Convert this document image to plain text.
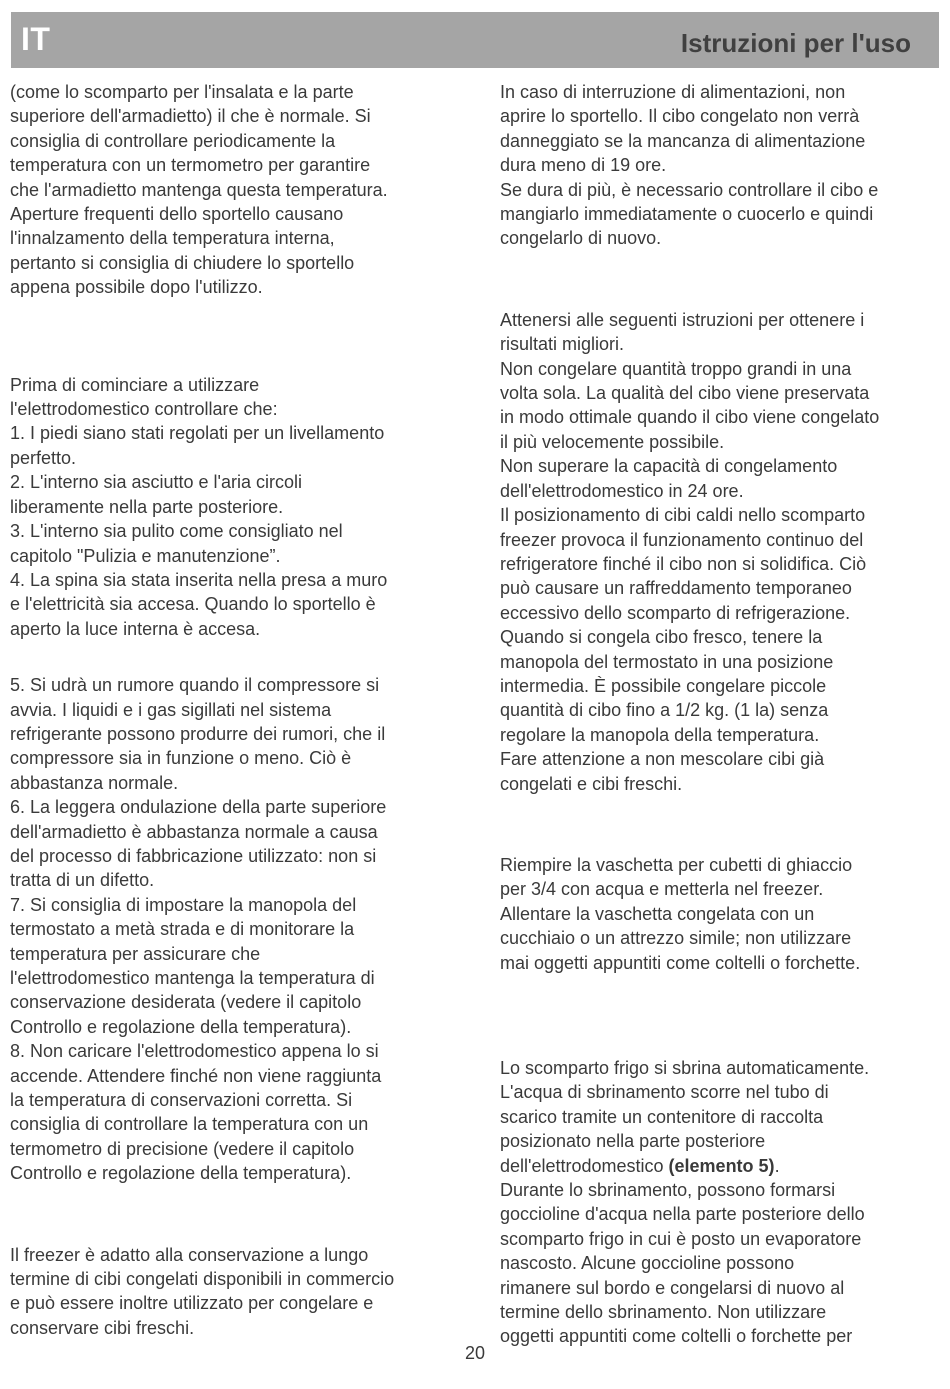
IT	Istruzioni per l'uso

(come lo scomparto per l'insalata e la parte
superiore dell'armadietto) il che è normale. Si
consiglia di controllare periodicamente la
temperatura con un termometro per garantire
che l'armadietto mantenga questa temperatura.
Aperture frequenti dello sportello causano
l'innalzamento della temperatura interna,
pertanto si consiglia di chiudere lo sportello
appena possibile dopo l'utilizzo.

Prima di cominciare a utilizzare
l'elettrodomestico controllare che:
1. I piedi siano stati regolati per un livellamento
perfetto.
2. L'interno sia asciutto e l'aria circoli
liberamente nella parte posteriore.
3. L'interno sia pulito come consigliato nel
capitolo "Pulizia e manutenzione”.
4. La spina sia stata inserita nella presa a muro
e l'elettricità sia accesa. Quando lo sportello è
aperto la luce interna è accesa.

5. Si udrà un rumore quando il compressore si
avvia. I liquidi e i gas sigillati nel sistema
refrigerante possono produrre dei rumori, che il
compressore sia in funzione o meno. Ciò è
abbastanza normale.
6. La leggera ondulazione della parte superiore
dell'armadietto è abbastanza normale a causa
del processo di fabbricazione utilizzato: non si
tratta di un difetto.
7. Si consiglia di impostare la manopola del
termostato a metà strada e di monitorare la
temperatura per assicurare che
l'elettrodomestico mantenga la temperatura di
conservazione desiderata (vedere il capitolo
Controllo e regolazione della temperatura).
8. Non caricare l'elettrodomestico appena lo si
accende. Attendere finché non viene raggiunta
la temperatura di conservazioni corretta. Si
consiglia di controllare la temperatura con un
termometro di precisione (vedere il capitolo
Controllo e regolazione della temperatura).

Il freezer è adatto alla conservazione a lungo
termine di cibi congelati disponibili in commercio
e può essere inoltre utilizzato per congelare e
conservare cibi freschi.

In caso di interruzione di alimentazioni, non
aprire lo sportello. Il cibo congelato non verrà
danneggiato se la mancanza di alimentazione
dura meno di 19 ore.
Se dura di più, è necessario controllare il cibo e
mangiarlo immediatamente o cuocerlo e quindi
congelarlo di nuovo.

Attenersi alle seguenti istruzioni per ottenere i
risultati migliori.
Non congelare quantità troppo grandi in una
volta sola. La qualità del cibo viene preservata
in modo ottimale quando il cibo viene congelato
il più velocemente possibile.
Non superare la capacità di congelamento
dell'elettrodomestico in 24 ore.
Il posizionamento di cibi caldi nello scomparto
freezer provoca il funzionamento continuo del
refrigeratore finché il cibo non si solidifica. Ciò
può causare un raffreddamento temporaneo
eccessivo dello scomparto di refrigerazione.
Quando si congela cibo fresco, tenere la
manopola del termostato in una posizione
intermedia. È possibile congelare piccole
quantità di cibo fino a 1/2 kg. (1 la) senza
regolare la manopola della temperatura.
Fare attenzione a non mescolare cibi già
congelati e cibi freschi.

Riempire la vaschetta per cubetti di ghiaccio
per 3/4 con acqua e metterla nel freezer.
Allentare la vaschetta congelata con un
cucchiaio o un attrezzo simile; non utilizzare
mai oggetti appuntiti come coltelli o forchette.

Lo scomparto frigo si sbrina automaticamente.
L'acqua di sbrinamento scorre nel tubo di
scarico tramite un contenitore di raccolta
posizionato nella parte posteriore
dell'elettrodomestico (elemento 5).
Durante lo sbrinamento, possono formarsi
goccioline d'acqua nella parte posteriore dello
scomparto frigo in cui è posto un evaporatore
nascosto. Alcune goccioline possono
rimanere sul bordo e congelarsi di nuovo al
termine dello sbrinamento. Non utilizzare
oggetti appuntiti come coltelli o forchette per

20
